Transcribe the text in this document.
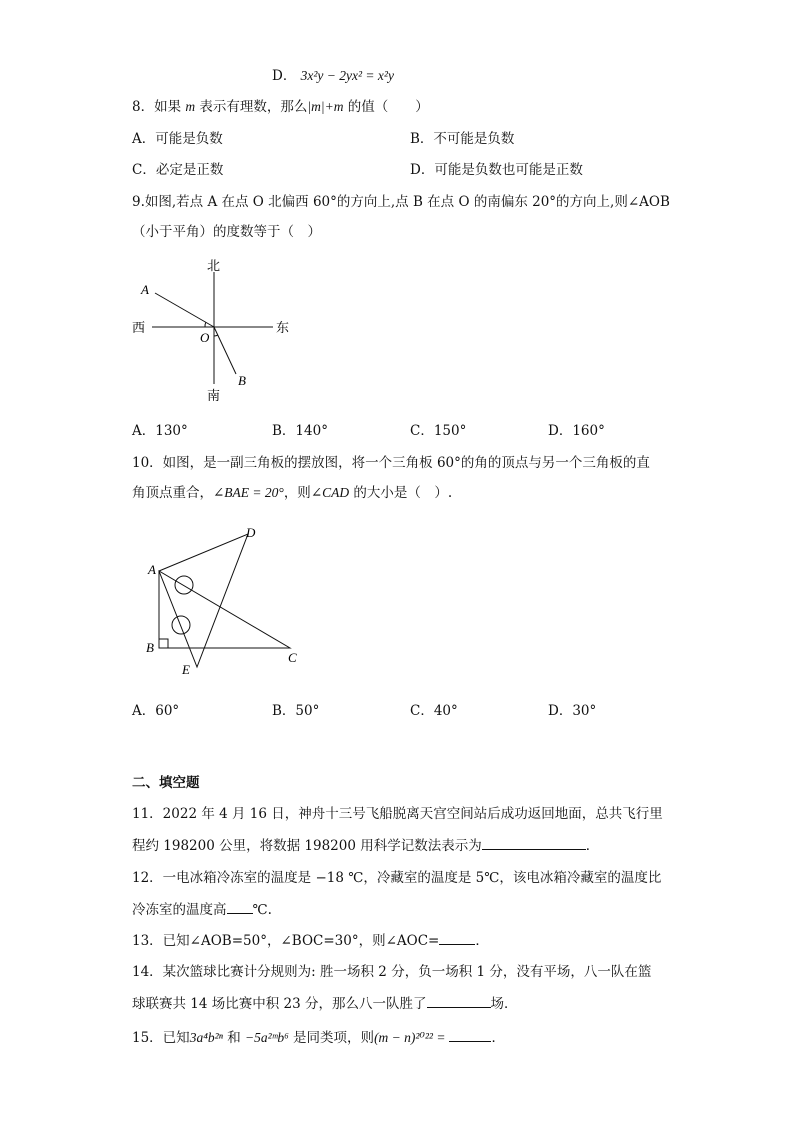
D． 3x²y − 2yx² = x²y
8．如果 m 表示有理数，那么|m|+m 的值（　　）
A．可能是负数	B．不可能是负数
C．必定是正数	D．可能是负数也可能是正数
9.如图,若点 A 在点 O 北偏西 60°的方向上,点 B 在点 O 的南偏东 20°的方向上,则∠AOB
（小于平角）的度数等于（　）
北
南
西	东
A
O
B
A．130°	B．140°	C．150°	D．160°
10．如图，是一副三角板的摆放图，将一个三角板 60°的角的顶点与另一个三角板的直
角顶点重合，∠BAE = 20°，则∠CAD 的大小是（　）.
A
B
C
D
E
A．60°	B．50°	C．40°	D．30°
二、填空题
11．2022 年 4 月 16 日，神舟十三号飞船脱离天宫空间站后成功返回地面，总共飞行里
程约 198200 公里，将数据 198200 用科学记数法表示为	．
12．一电冰箱冷冻室的温度是 −18 ℃，冷藏室的温度是 5℃，该电冰箱冷藏室的温度比
冷冻室的温度高 ℃.
13．已知∠AOB=50°，∠BOC=30°，则∠AOC=	．
14．某次篮球比赛计分规则为: 胜一场积 2 分，负一场积 1 分，没有平场，八一队在篮
球联赛共 14 场比赛中积 23 分，那么八一队胜了	场．
15．已知3a⁴b²ⁿ 和 −5a²ᵐb⁶ 是同类项，则(m − n)²⁰²² =	．
